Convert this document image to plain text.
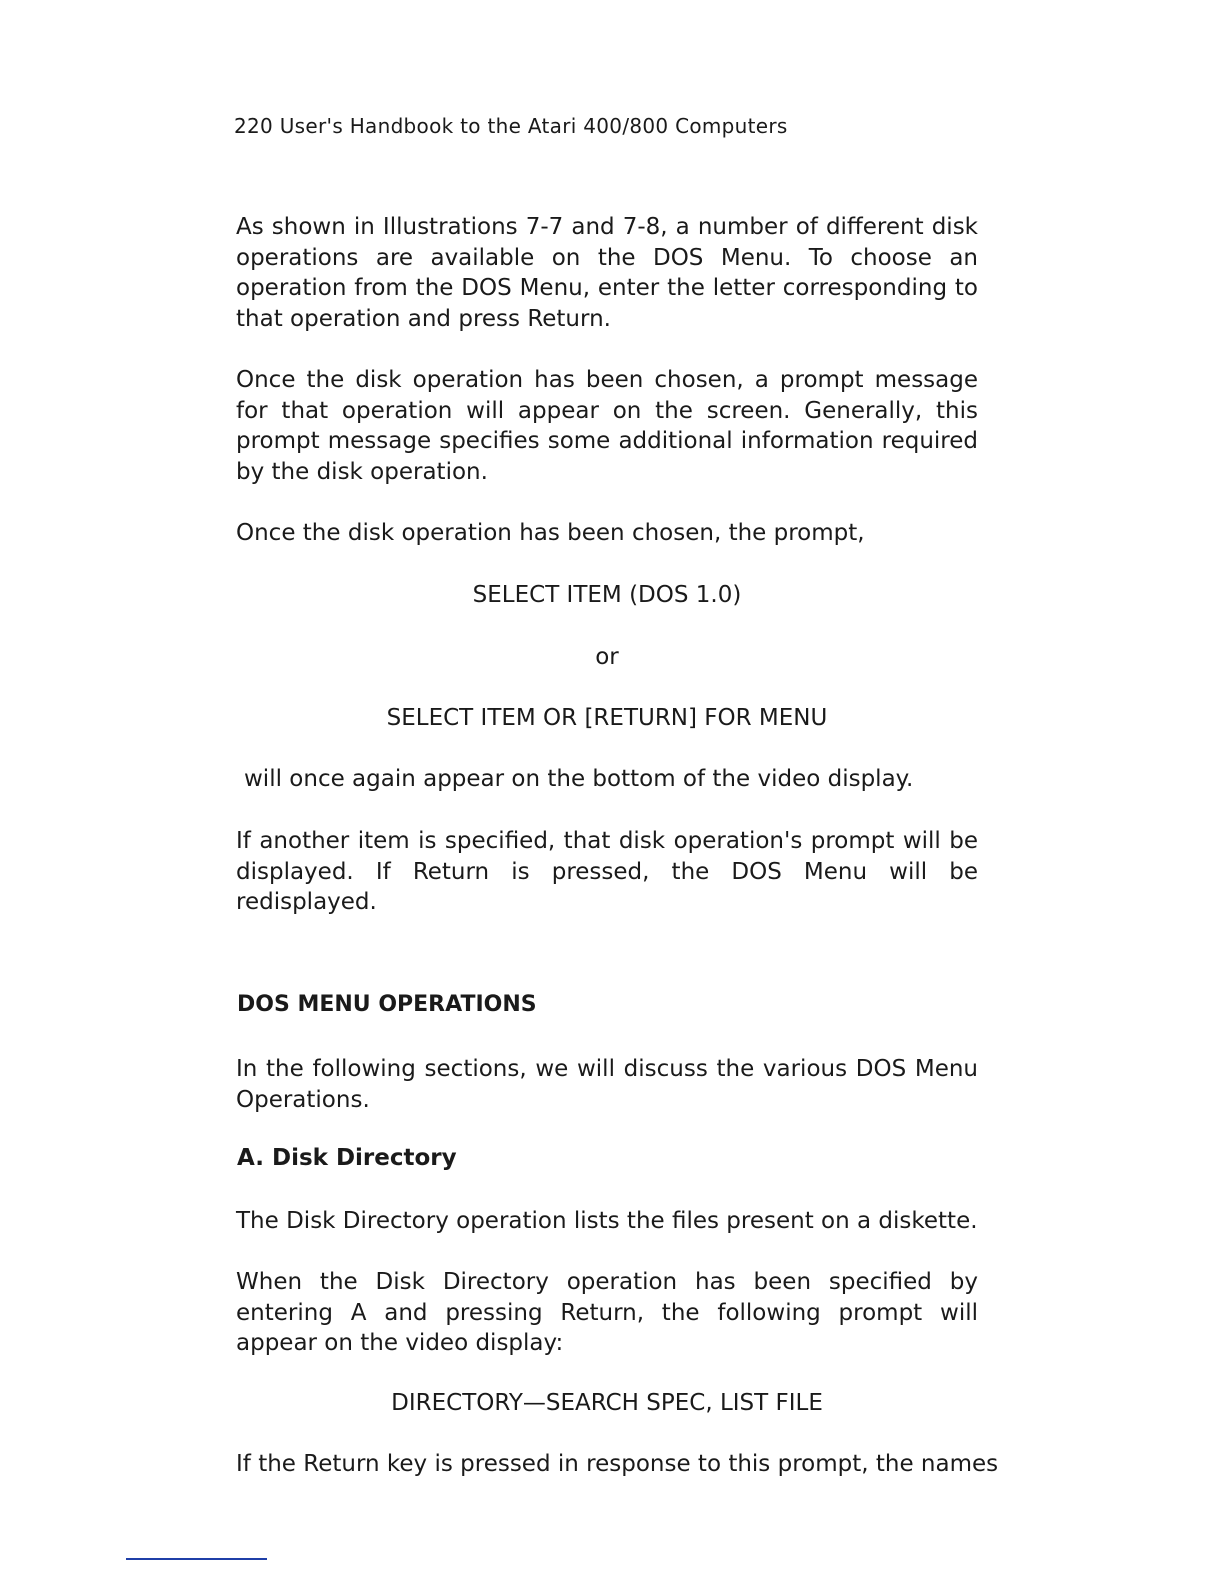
220 User's Handbook to the Atari 400/800 Computers

As shown in Illustrations 7-7 and 7-8, a number of different disk operations are available on the DOS Menu. To choose an operation from the DOS Menu, enter the letter corresponding to that operation and press Return.

Once the disk operation has been chosen, a prompt message for that operation will appear on the screen. Generally, this prompt message specifies some additional information required by the disk operation.

Once the disk operation has been chosen, the prompt,

SELECT ITEM (DOS 1.0)

or

SELECT ITEM OR [RETURN] FOR MENU

will once again appear on the bottom of the video display.

If another item is specified, that disk operation's prompt will be displayed. If Return is pressed, the DOS Menu will be redisplayed.

DOS MENU OPERATIONS

In the following sections, we will discuss the various DOS Menu Operations.

A. Disk Directory

The Disk Directory operation lists the files present on a diskette.

When the Disk Directory operation has been specified by entering A and pressing Return, the following prompt will appear on the video display:

DIRECTORY—SEARCH SPEC, LIST FILE

If the Return key is pressed in response to this prompt, the names
